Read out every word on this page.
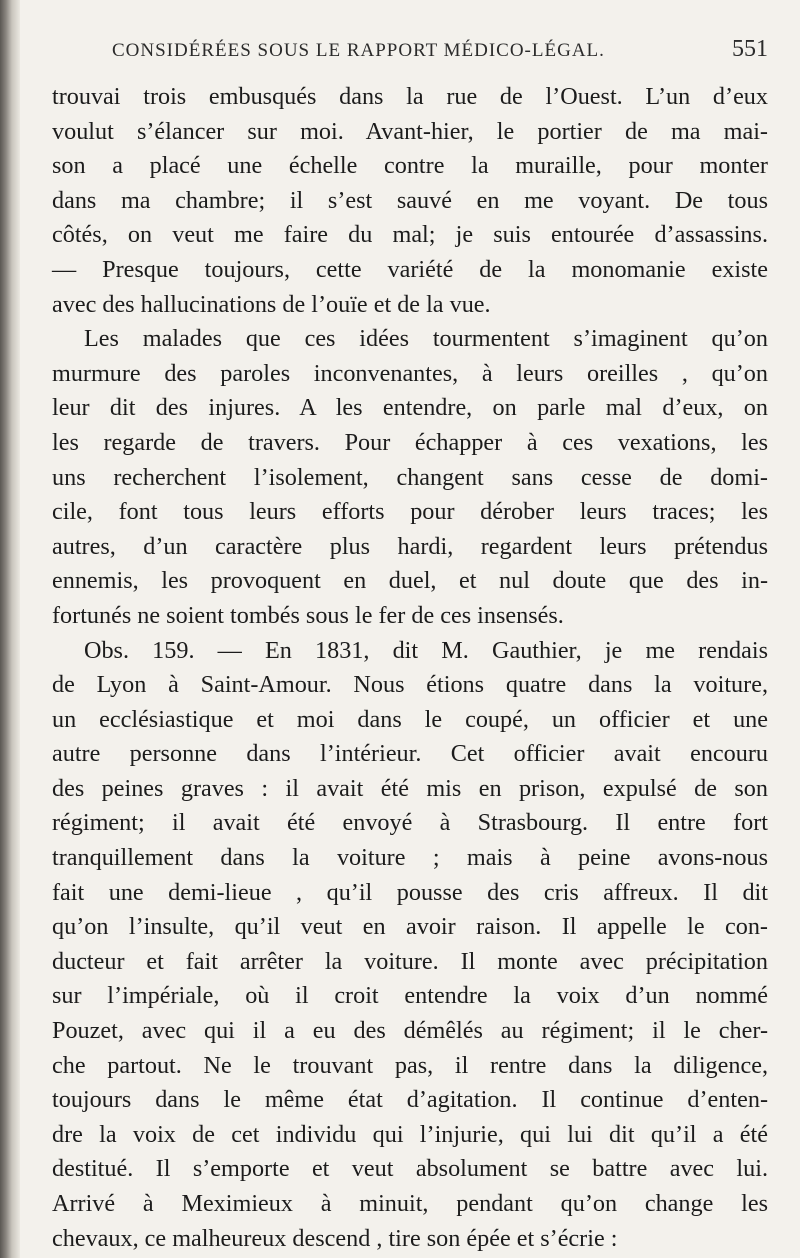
CONSIDÉRÉES SOUS LE RAPPORT MÉDICO-LÉGAL.	551
trouvai trois embusqués dans la rue de l’Ouest. L’un d’eux
voulut s’élancer sur moi. Avant-hier, le portier de ma mai-
son a placé une échelle contre la muraille, pour monter
dans ma chambre; il s’est sauvé en me voyant. De tous
côtés, on veut me faire du mal; je suis entourée d’assassins.
— Presque toujours, cette variété de la monomanie existe
avec des hallucinations de l’ouïe et de la vue.
Les malades que ces idées tourmentent s’imaginent qu’on
murmure des paroles inconvenantes, à leurs oreilles , qu’on
leur dit des injures. A les entendre, on parle mal d’eux, on
les regarde de travers. Pour échapper à ces vexations, les
uns recherchent l’isolement, changent sans cesse de domi-
cile, font tous leurs efforts pour dérober leurs traces; les
autres, d’un caractère plus hardi, regardent leurs prétendus
ennemis, les provoquent en duel, et nul doute que des in-
fortunés ne soient tombés sous le fer de ces insensés.
Obs. 159. — En 1831, dit M. Gauthier, je me rendais
de Lyon à Saint-Amour. Nous étions quatre dans la voiture,
un ecclésiastique et moi dans le coupé, un officier et une
autre personne dans l’intérieur. Cet officier avait encouru
des peines graves : il avait été mis en prison, expulsé de son
régiment; il avait été envoyé à Strasbourg. Il entre fort
tranquillement dans la voiture ; mais à peine avons-nous
fait une demi-lieue , qu’il pousse des cris affreux. Il dit
qu’on l’insulte, qu’il veut en avoir raison. Il appelle le con-
ducteur et fait arrêter la voiture. Il monte avec précipitation
sur l’impériale, où il croit entendre la voix d’un nommé
Pouzet, avec qui il a eu des démêlés au régiment; il le cher-
che partout. Ne le trouvant pas, il rentre dans la diligence,
toujours dans le même état d’agitation. Il continue d’enten-
dre la voix de cet individu qui l’injurie, qui lui dit qu’il a été
destitué. Il s’emporte et veut absolument se battre avec lui.
Arrivé à Meximieux à minuit, pendant qu’on change les
chevaux, ce malheureux descend , tire son épée et s’écrie :
